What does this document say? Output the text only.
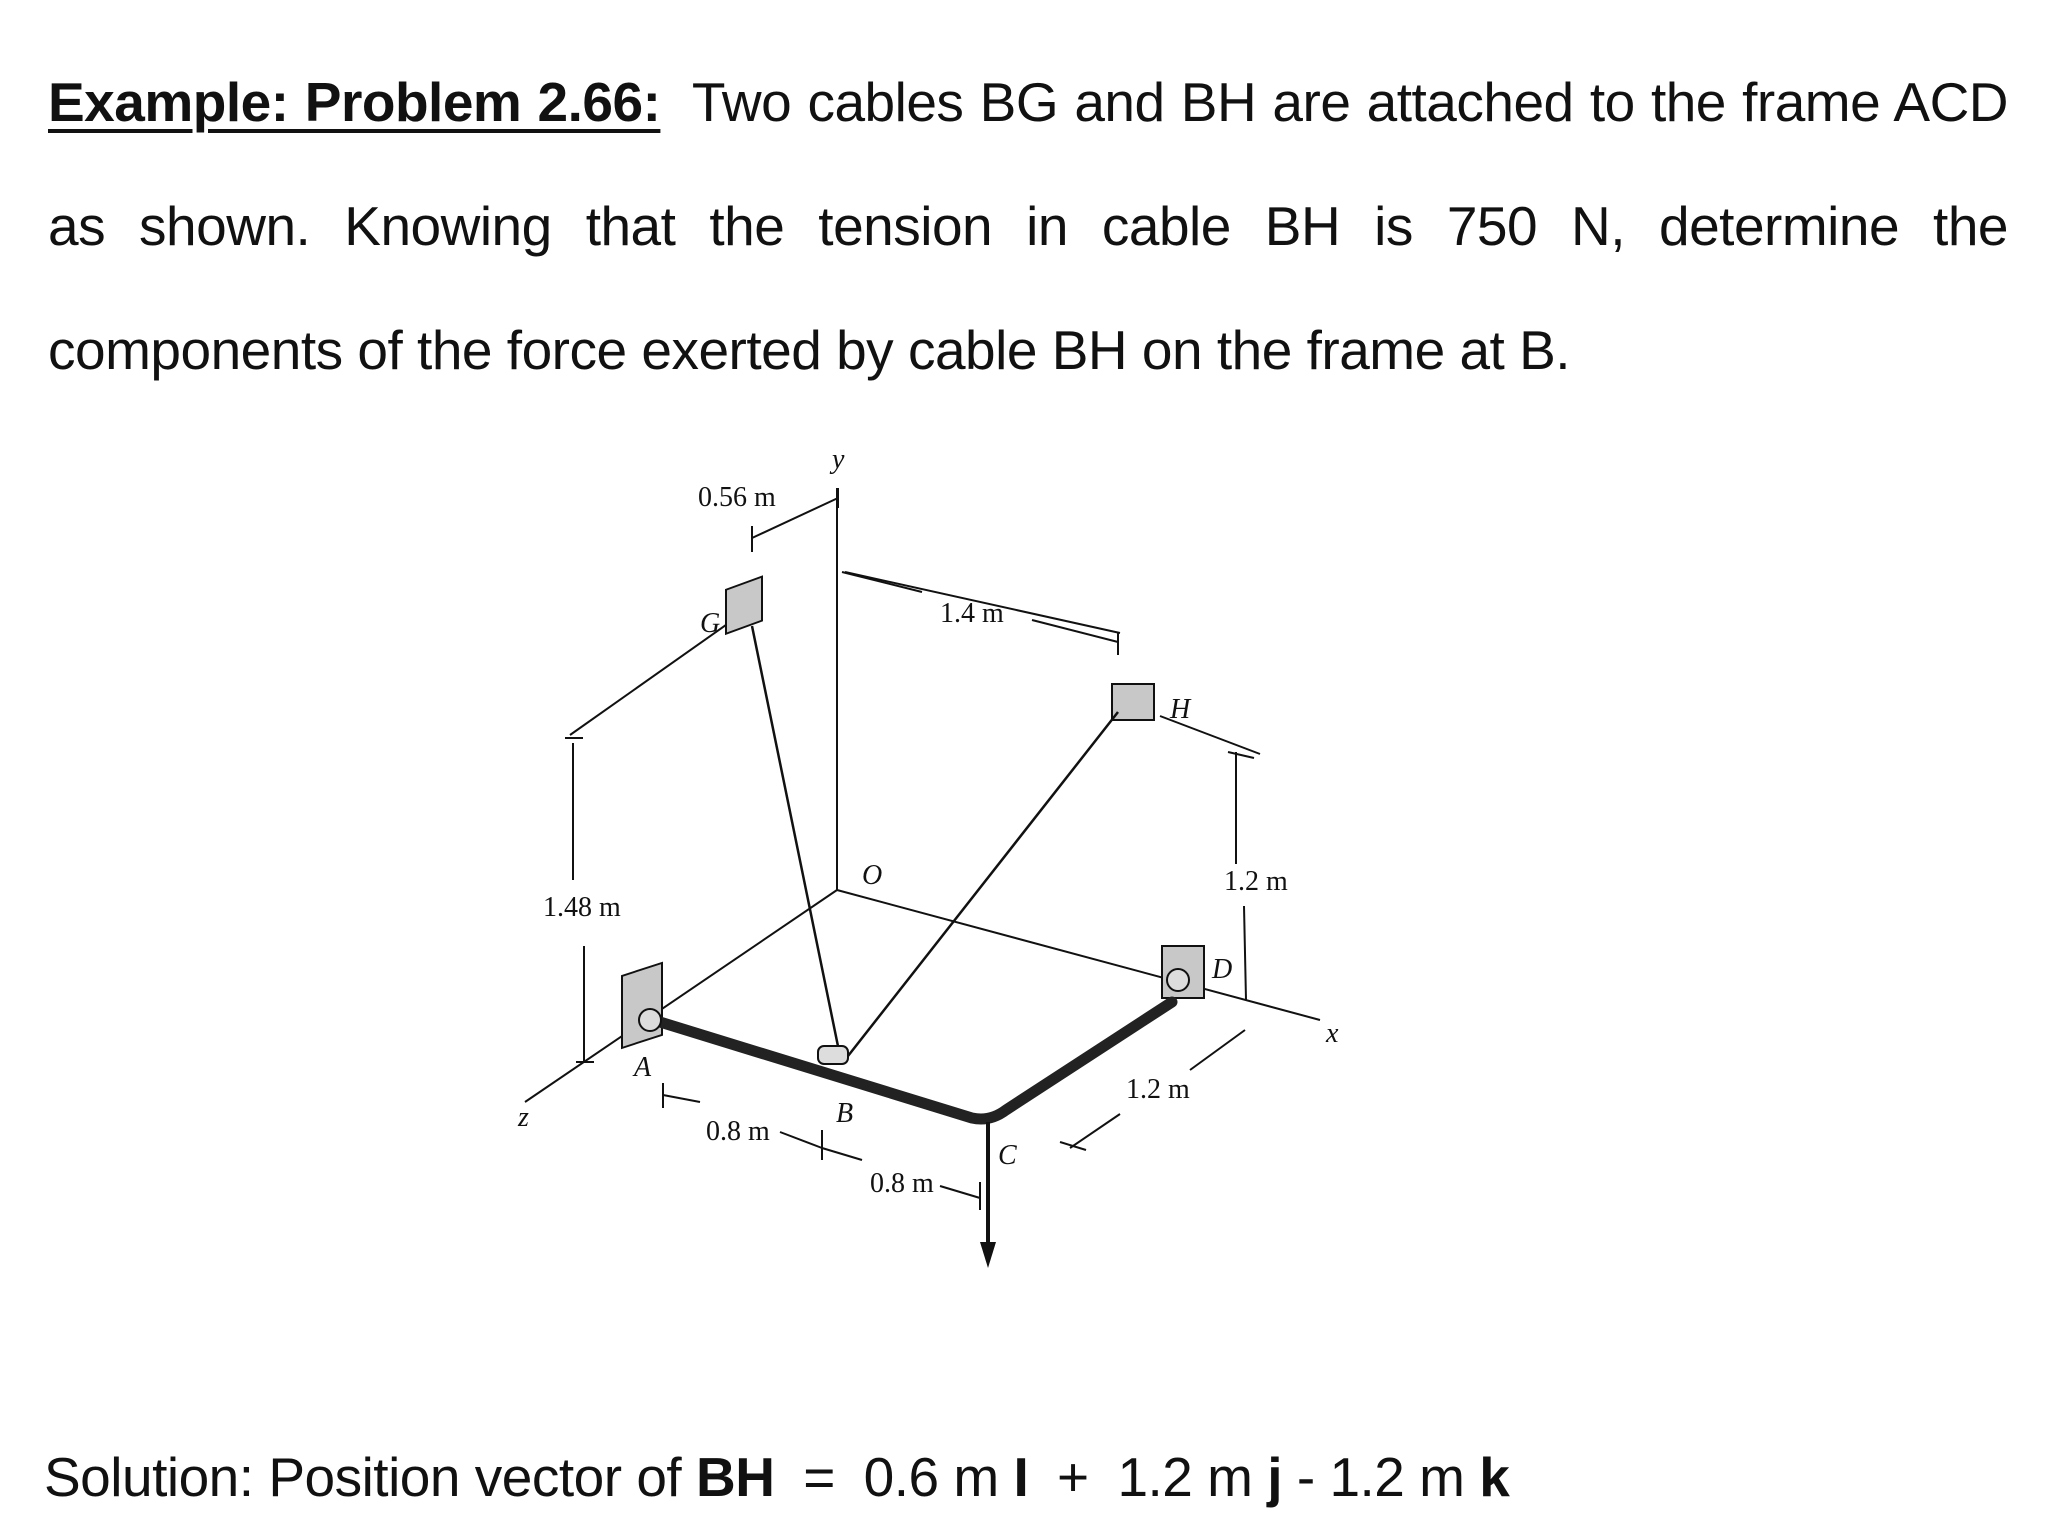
Example: Problem 2.66: Two cables BG and BH are attached to the frame ACD as shown. Knowing that the tension in cable BH is 750 N, determine the components of the force exerted by cable BH on the frame at B.

y
x
z
G
H
O
D
A
B
C
0.56 m
1.4 m
1.48 m
1.2 m
1.2 m
0.8 m
0.8 m

Solution: Position vector of BH = 0.6 m I + 1.2 m j - 1.2 m k
